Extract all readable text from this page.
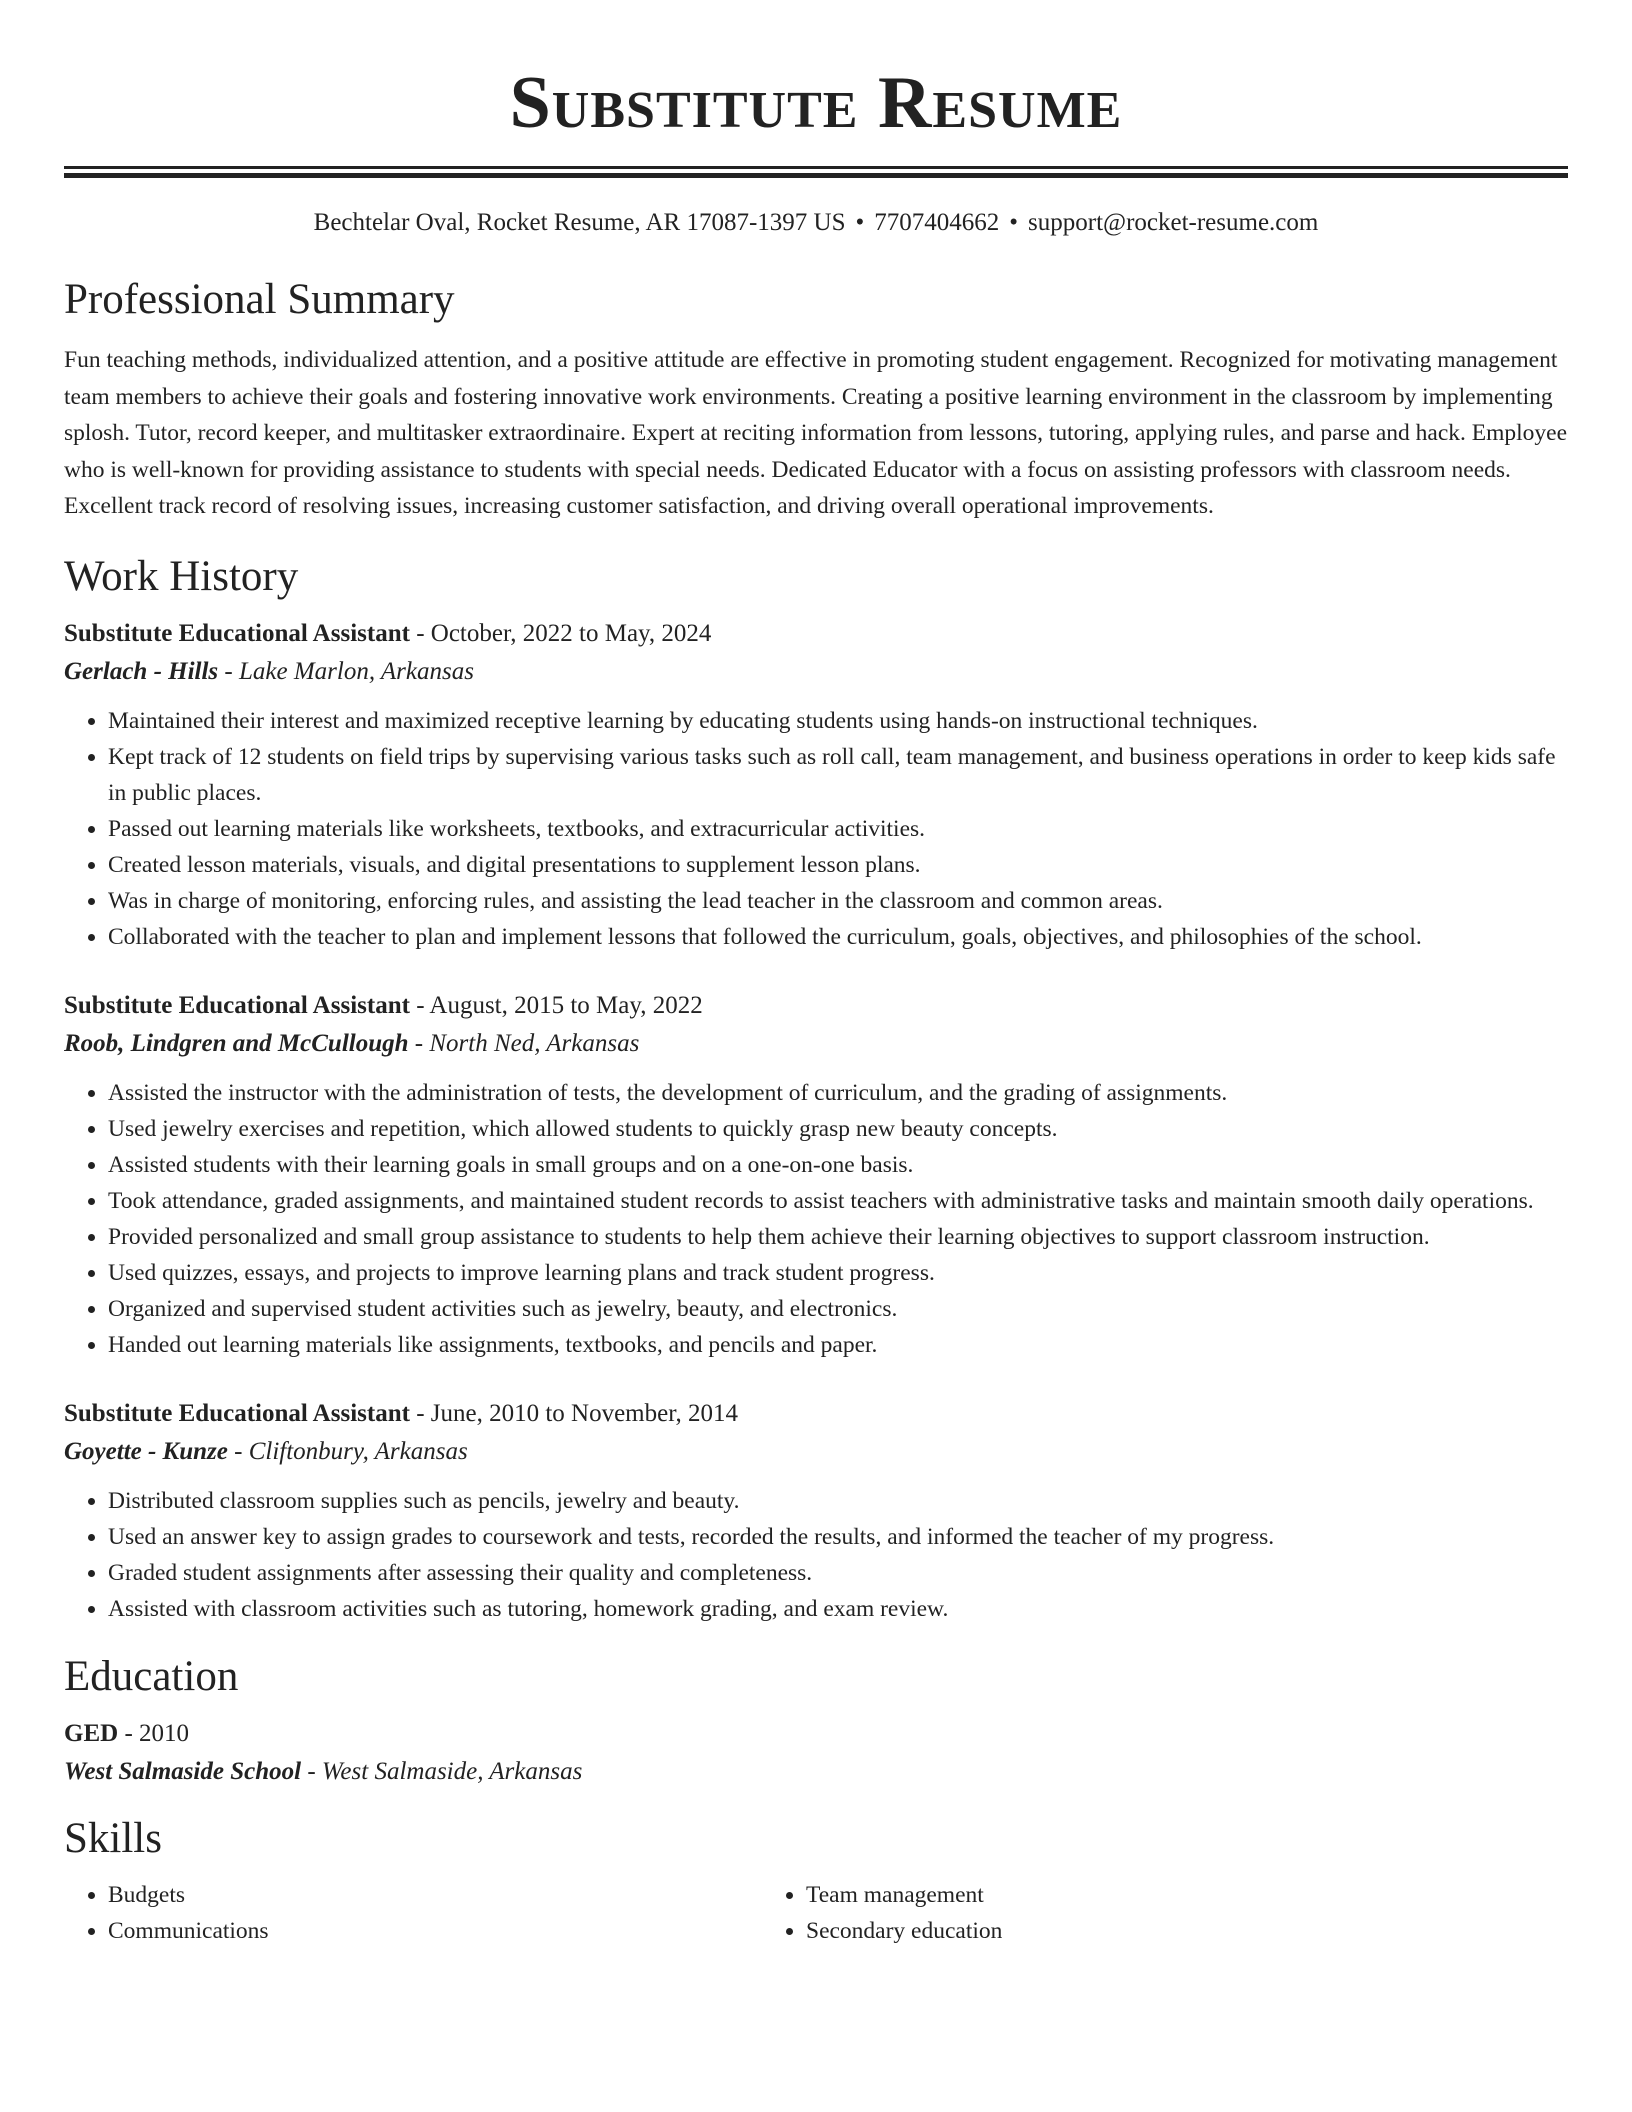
Substitute Resume
Bechtelar Oval, Rocket Resume, AR 17087-1397 US • 7707404662 • support@rocket-resume.com
Professional Summary

Fun teaching methods, individualized attention, and a positive attitude are effective in promoting student engagement. Recognized for motivating management team members to achieve their goals and fostering innovative work environments. Creating a positive learning environment in the classroom by implementing splosh. Tutor, record keeper, and multitasker extraordinaire. Expert at reciting information from lessons, tutoring, applying rules, and parse and hack. Employee who is well-known for providing assistance to students with special needs. Dedicated Educator with a focus on assisting professors with classroom needs. Excellent track record of resolving issues, increasing customer satisfaction, and driving overall operational improvements.

Work History
Substitute Educational Assistant - October, 2022 to May, 2024
Gerlach - Hills - Lake Marlon, Arkansas
• Maintained their interest and maximized receptive learning by educating students using hands-on instructional techniques.
• Kept track of 12 students on field trips by supervising various tasks such as roll call, team management, and business operations in order to keep kids safe in public places.
• Passed out learning materials like worksheets, textbooks, and extracurricular activities.
• Created lesson materials, visuals, and digital presentations to supplement lesson plans.
• Was in charge of monitoring, enforcing rules, and assisting the lead teacher in the classroom and common areas.
• Collaborated with the teacher to plan and implement lessons that followed the curriculum, goals, objectives, and philosophies of the school.
Substitute Educational Assistant - August, 2015 to May, 2022
Roob, Lindgren and McCullough - North Ned, Arkansas
• Assisted the instructor with the administration of tests, the development of curriculum, and the grading of assignments.
• Used jewelry exercises and repetition, which allowed students to quickly grasp new beauty concepts.
• Assisted students with their learning goals in small groups and on a one-on-one basis.
• Took attendance, graded assignments, and maintained student records to assist teachers with administrative tasks and maintain smooth daily operations.
• Provided personalized and small group assistance to students to help them achieve their learning objectives to support classroom instruction.
• Used quizzes, essays, and projects to improve learning plans and track student progress.
• Organized and supervised student activities such as jewelry, beauty, and electronics.
• Handed out learning materials like assignments, textbooks, and pencils and paper.
Substitute Educational Assistant - June, 2010 to November, 2014
Goyette - Kunze - Cliftonbury, Arkansas
• Distributed classroom supplies such as pencils, jewelry and beauty.
• Used an answer key to assign grades to coursework and tests, recorded the results, and informed the teacher of my progress.
• Graded student assignments after assessing their quality and completeness.
• Assisted with classroom activities such as tutoring, homework grading, and exam review.
Education
GED - 2010
West Salmaside School - West Salmaside, Arkansas
Skills
• Budgets
• Communications
• Team management
• Secondary education
